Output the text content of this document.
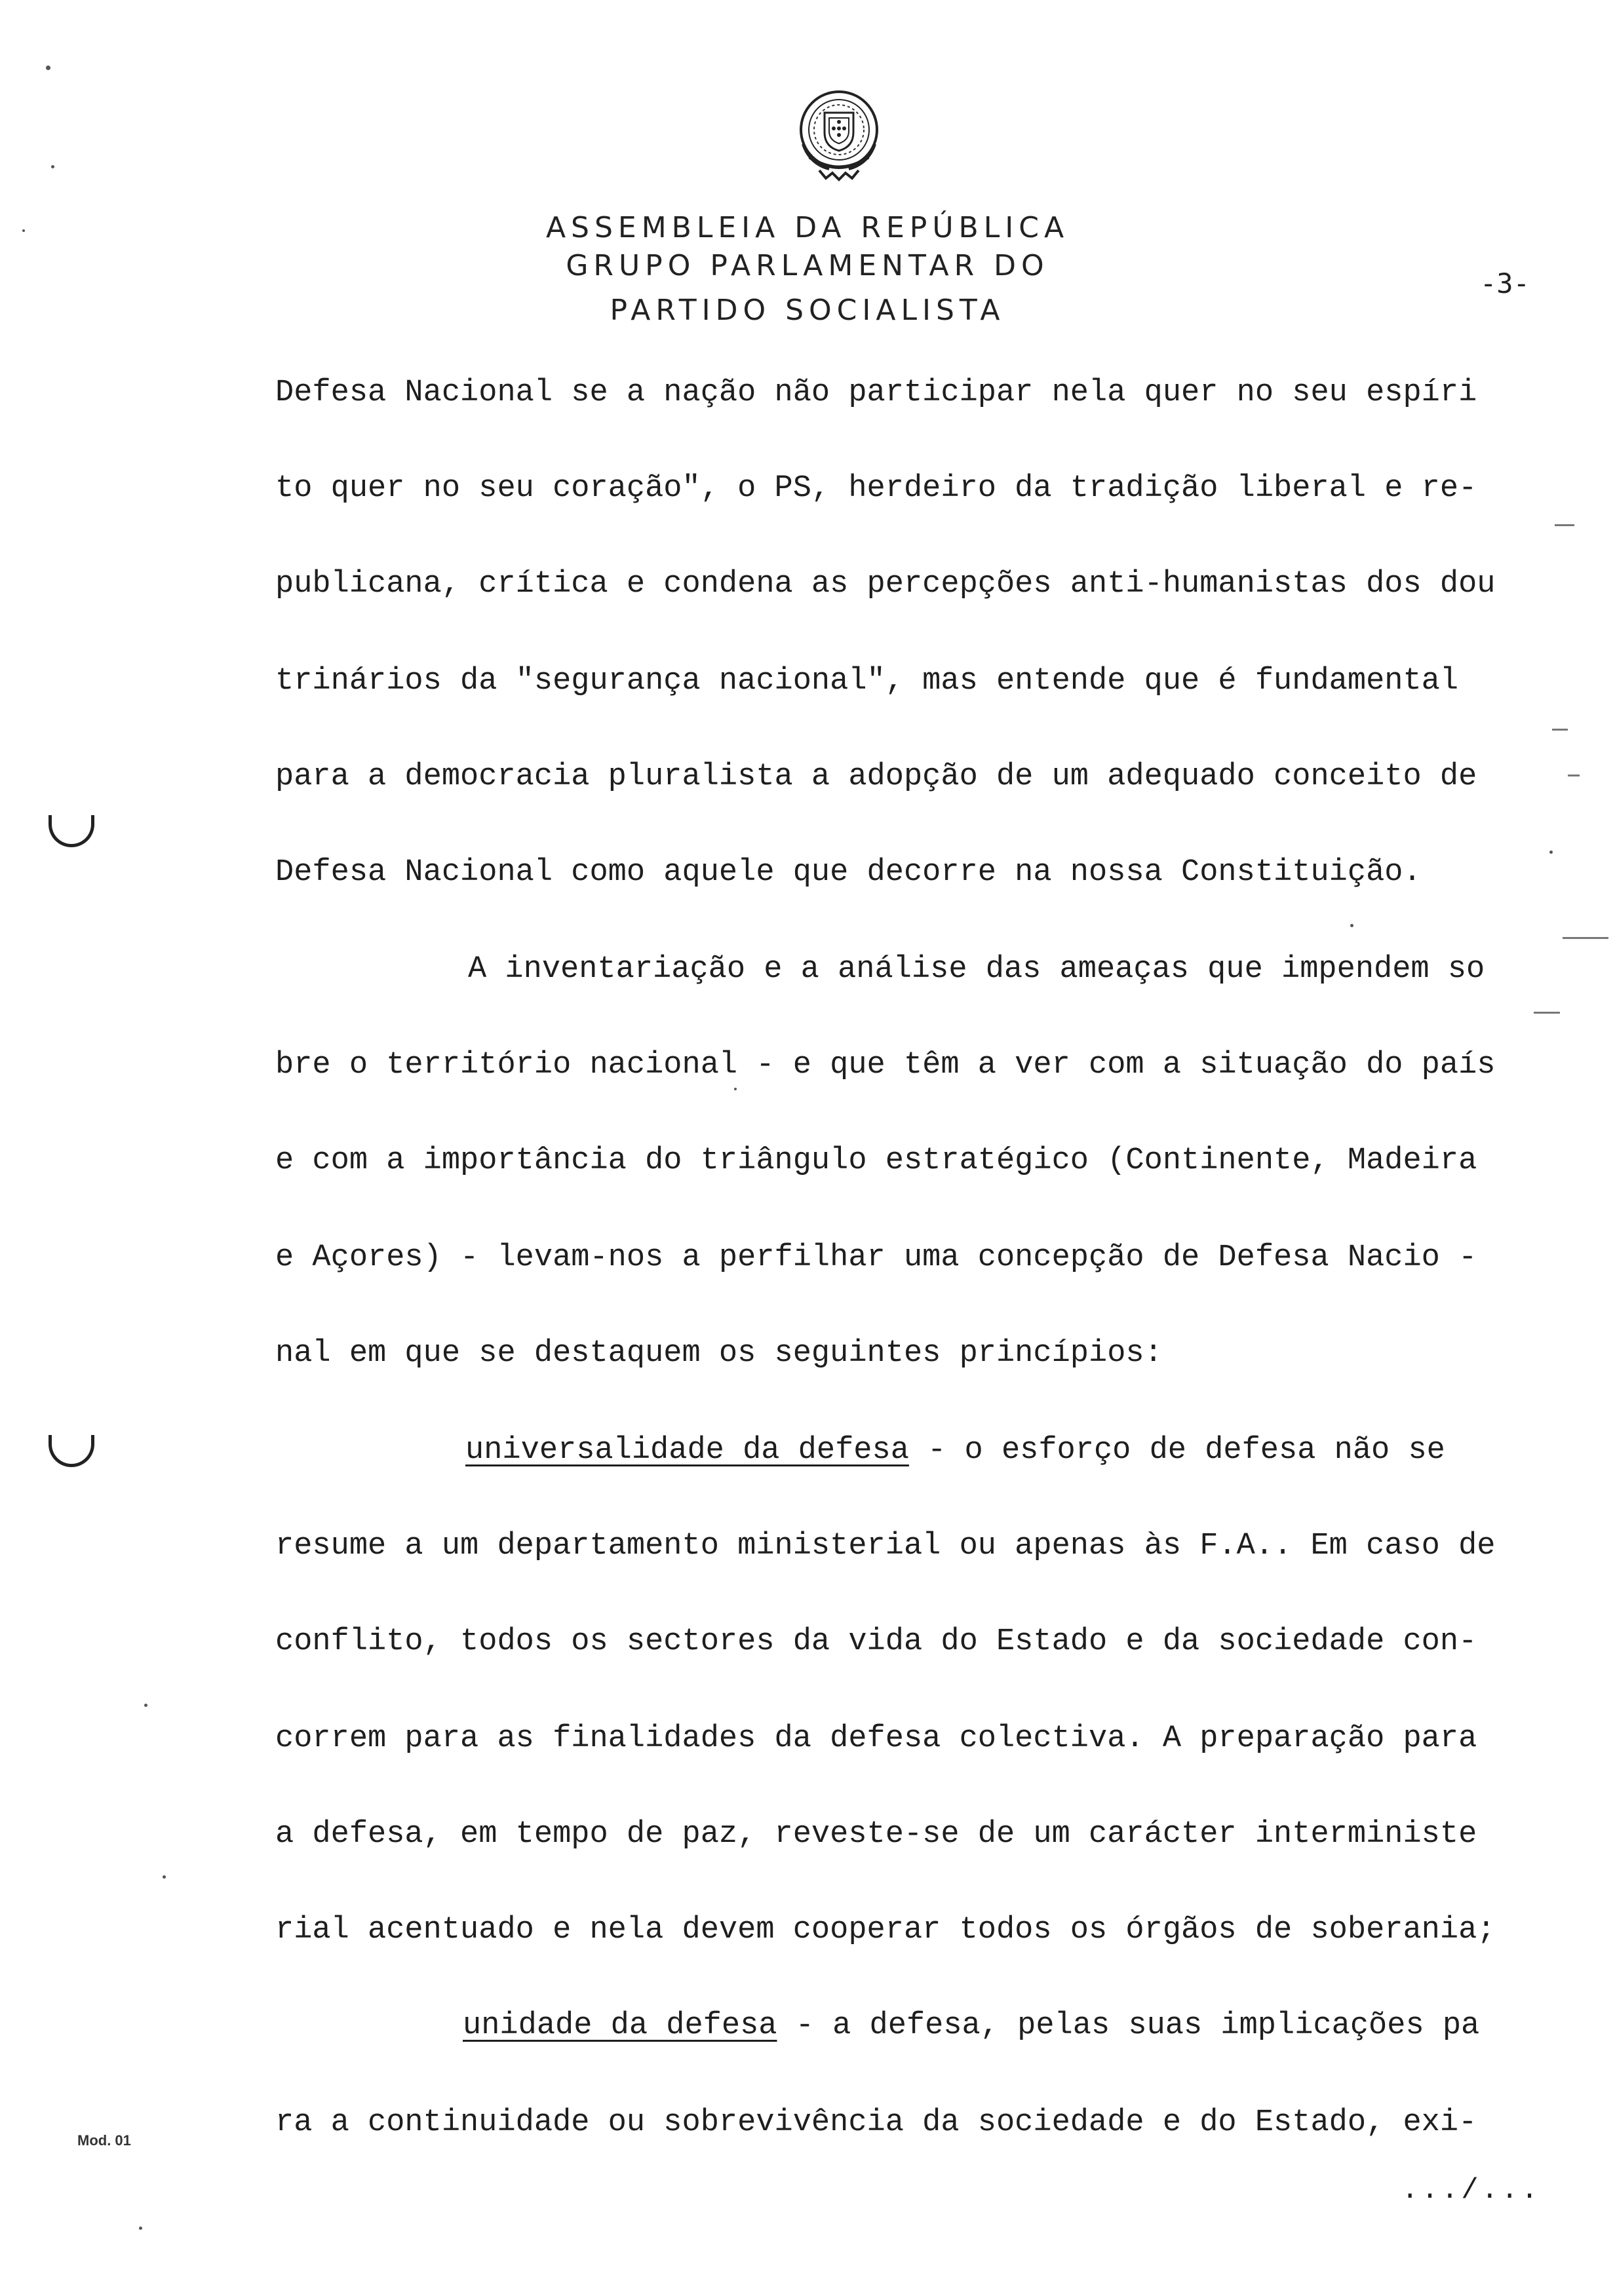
ASSEMBLEIA DA REPÚBLICA
GRUPO PARLAMENTAR DO
PARTIDO SOCIALISTA
-3-
Defesa Nacional se a nação não participar nela quer no seu espíri
to quer no seu coração", o PS, herdeiro da tradição liberal e re-
publicana, crítica e condena as percepções anti-humanistas dos dou
trinários da "segurança nacional", mas entende que é fundamental
para a democracia pluralista a adopção de um adequado conceito de
Defesa Nacional como aquele que decorre na nossa Constituição.
A inventariação e a análise das ameaças que impendem so
bre o território nacional - e que têm a ver com a situação do país
e com a importância do triângulo estratégico (Continente, Madeira
e Açores) - levam-nos a perfilhar uma concepção de Defesa Nacio -
nal em que se destaquem os seguintes princípios:
universalidade da defesa - o esforço de defesa não se
resume a um departamento ministerial ou apenas às F.A.. Em caso de
conflito, todos os sectores da vida do Estado e da sociedade con-
correm para as finalidades da defesa colectiva. A preparação para
a defesa, em tempo de paz, reveste-se de um carácter interministe
rial acentuado e nela devem cooperar todos os órgãos de soberania;
unidade da defesa - a defesa, pelas suas implicações pa
ra a continuidade ou sobrevivência da sociedade e do Estado, exi-
.../...
Mod. 01
